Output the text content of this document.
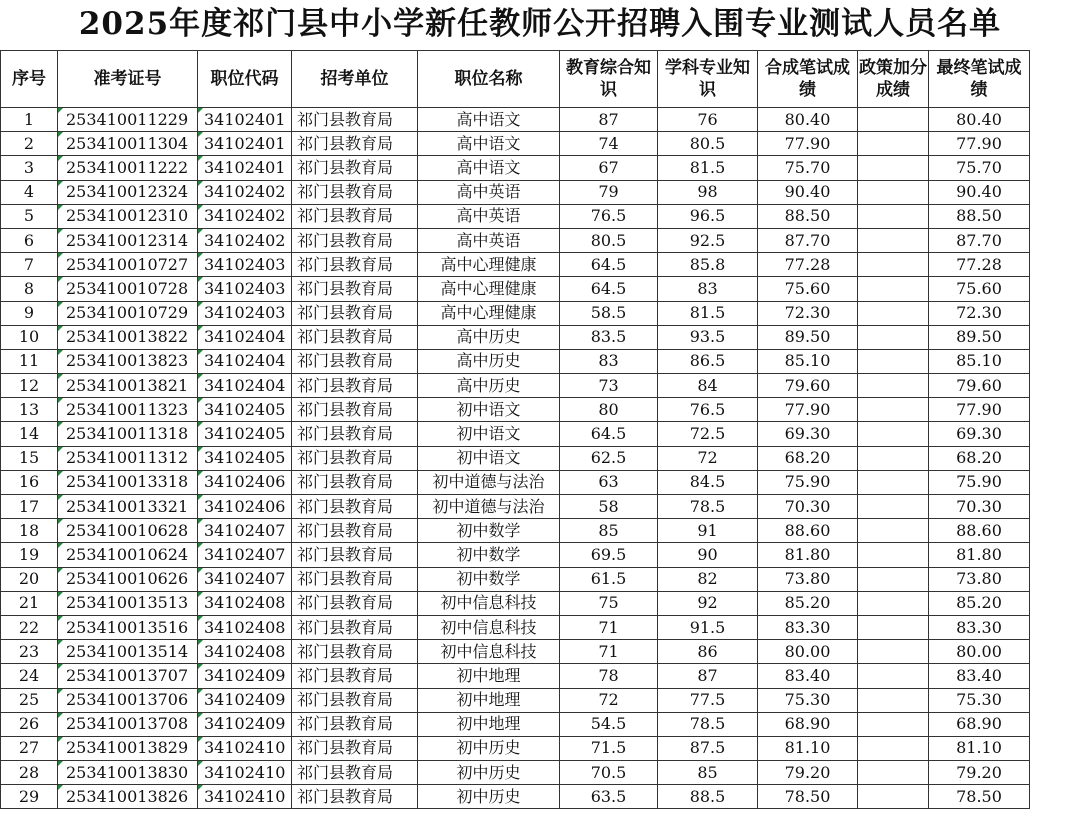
2025年度祁门县中小学新任教师公开招聘入围专业测试人员名单
序号	准考证号	职位代码	招考单位	职位名称	教育综合知识	学科专业知识	合成笔试成绩	政策加分成绩	最终笔试成绩
1	253410011229	34102401	祁门县教育局	高中语文	87	76	80.40		80.40
2	253410011304	34102401	祁门县教育局	高中语文	74	80.5	77.90		77.90
3	253410011222	34102401	祁门县教育局	高中语文	67	81.5	75.70		75.70
4	253410012324	34102402	祁门县教育局	高中英语	79	98	90.40		90.40
5	253410012310	34102402	祁门县教育局	高中英语	76.5	96.5	88.50		88.50
6	253410012314	34102402	祁门县教育局	高中英语	80.5	92.5	87.70		87.70
7	253410010727	34102403	祁门县教育局	高中心理健康	64.5	85.8	77.28		77.28
8	253410010728	34102403	祁门县教育局	高中心理健康	64.5	83	75.60		75.60
9	253410010729	34102403	祁门县教育局	高中心理健康	58.5	81.5	72.30		72.30
10	253410013822	34102404	祁门县教育局	高中历史	83.5	93.5	89.50		89.50
11	253410013823	34102404	祁门县教育局	高中历史	83	86.5	85.10		85.10
12	253410013821	34102404	祁门县教育局	高中历史	73	84	79.60		79.60
13	253410011323	34102405	祁门县教育局	初中语文	80	76.5	77.90		77.90
14	253410011318	34102405	祁门县教育局	初中语文	64.5	72.5	69.30		69.30
15	253410011312	34102405	祁门县教育局	初中语文	62.5	72	68.20		68.20
16	253410013318	34102406	祁门县教育局	初中道德与法治	63	84.5	75.90		75.90
17	253410013321	34102406	祁门县教育局	初中道德与法治	58	78.5	70.30		70.30
18	253410010628	34102407	祁门县教育局	初中数学	85	91	88.60		88.60
19	253410010624	34102407	祁门县教育局	初中数学	69.5	90	81.80		81.80
20	253410010626	34102407	祁门县教育局	初中数学	61.5	82	73.80		73.80
21	253410013513	34102408	祁门县教育局	初中信息科技	75	92	85.20		85.20
22	253410013516	34102408	祁门县教育局	初中信息科技	71	91.5	83.30		83.30
23	253410013514	34102408	祁门县教育局	初中信息科技	71	86	80.00		80.00
24	253410013707	34102409	祁门县教育局	初中地理	78	87	83.40		83.40
25	253410013706	34102409	祁门县教育局	初中地理	72	77.5	75.30		75.30
26	253410013708	34102409	祁门县教育局	初中地理	54.5	78.5	68.90		68.90
27	253410013829	34102410	祁门县教育局	初中历史	71.5	87.5	81.10		81.10
28	253410013830	34102410	祁门县教育局	初中历史	70.5	85	79.20		79.20
29	253410013826	34102410	祁门县教育局	初中历史	63.5	88.5	78.50		78.50
